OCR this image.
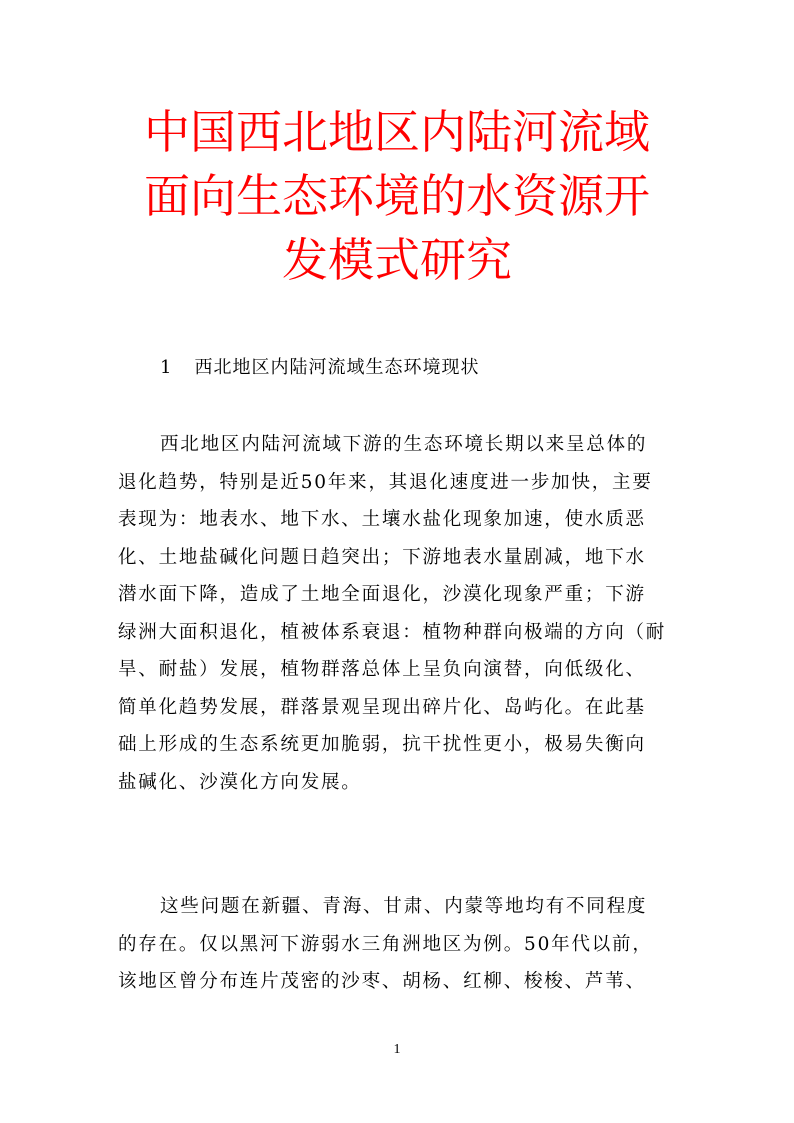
中国西北地区内陆河流域
面向生态环境的水资源开
发模式研究
1 西北地区内陆河流域生态环境现状

西北地区内陆河流域下游的生态环境长期以来呈总体的
退化趋势，特别是近50年来，其退化速度进一步加快，主要
表现为：地表水、地下水、土壤水盐化现象加速，使水质恶
化、土地盐碱化问题日趋突出；下游地表水量剧减，地下水
潜水面下降，造成了土地全面退化，沙漠化现象严重；下游
绿洲大面积退化，植被体系衰退：植物种群向极端的方向（耐
旱、耐盐）发展，植物群落总体上呈负向演替，向低级化、
简单化趋势发展，群落景观呈现出碎片化、岛屿化。在此基
础上形成的生态系统更加脆弱，抗干扰性更小，极易失衡向
盐碱化、沙漠化方向发展。

这些问题在新疆、青海、甘肃、内蒙等地均有不同程度
的存在。仅以黑河下游弱水三角洲地区为例。50年代以前，
该地区曾分布连片茂密的沙枣、胡杨、红柳、梭梭、芦苇、

1
